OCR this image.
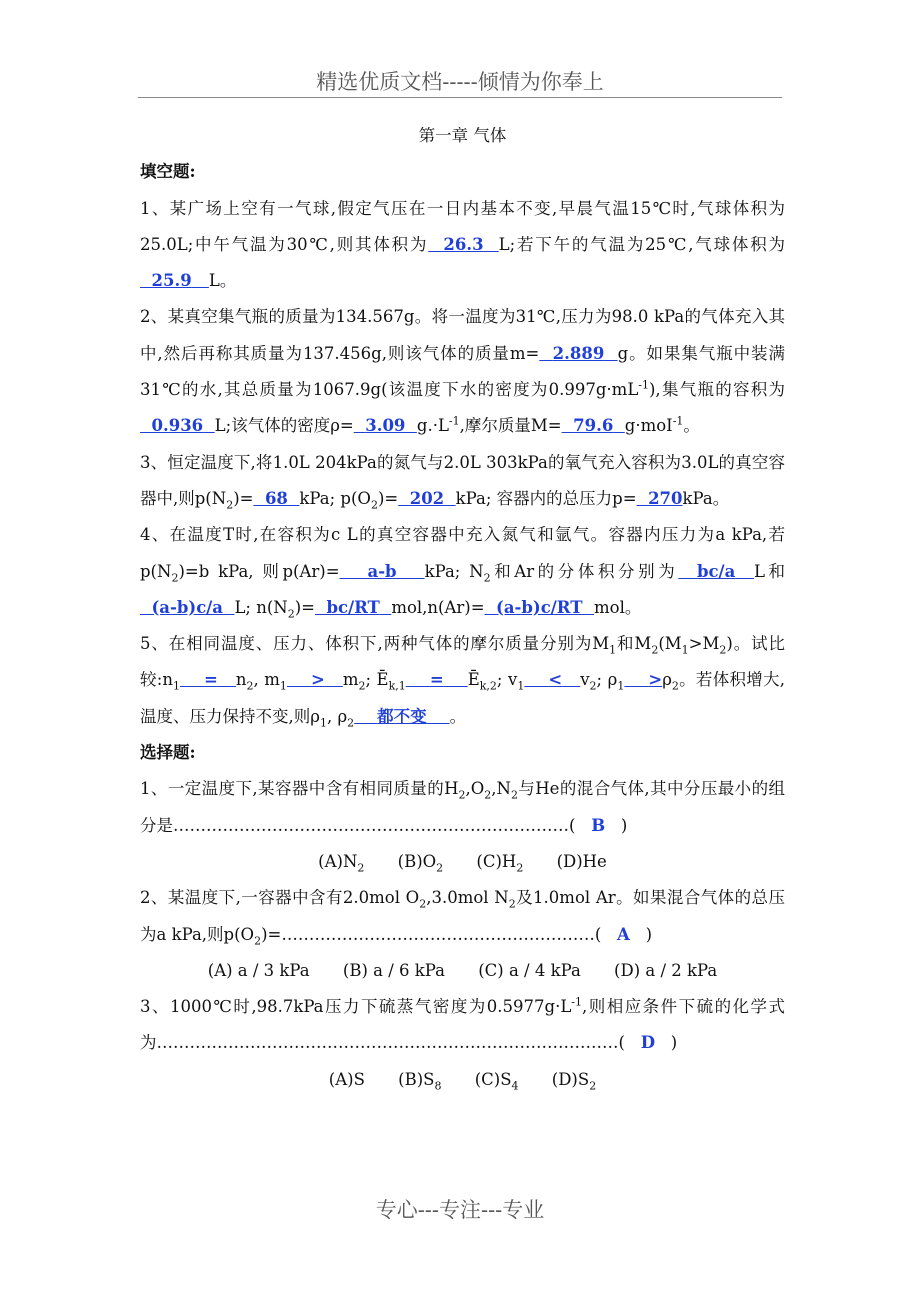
精选优质文档-----倾情为你奉上
第一章 气体
填空题:
1、某广场上空有一气球,假定气压在一日内基本不变,早晨气温15℃时,气球体积为25.0L;中午气温为30℃,则其体积为 26.3 L;若下午的气温为25℃,气球体积为  25.9 L。
2、某真空集气瓶的质量为134.567g。将一温度为31℃,压力为98.0 kPa的气体充入其中,然后再称其质量为137.456g,则该气体的质量m= 2.889 g。如果集气瓶中装满31℃的水,其总质量为1067.9g(该温度下水的密度为$0.997g\cdot mL^{-1}$),集气瓶的容积为  0.936 L;该气体的密度ρ= 3.09 $g.\cdot L^{-1}$,摩尔质量M= 79.6 g·moI$^{-1}$。
3、恒定温度下,将1.0L 204kPa的氮气与2.0L 303kPa的氧气充入容积为3.0L的真空容器中,则$p(N_2)= 68$ kPa; $p(O_2)= 202$ kPa; 容器内的总压力p= 270kPa。
4、在温度T时,在容积为c L的真空容器中充入氮气和氩气。容器内压力为a kPa,若$p(N_2)=b$ kPa, 则p(Ar)= a-b kPa; $N_2$和Ar的分体积分别为 bc/a L和  (a-b)c/a L; $n(N_2)= bc/RT$ mol,n(Ar)= (a-b)c/RT mol。
5、在相同温度、压力、体积下,两种气体的摩尔质量分别为$M_1$和$M_2(M_1>M_2)$。试比较$:n_1 = n_2$, $m_1 > m_2$; $Ē_{k,1}$ = $Ē_{k,2}$; $v_1 < v_2$; $\rho_1 >\rho_2$。若体积增大,温度、压力保持不变,则$\rho_1$, $\rho_2$ 都不变 。
选择题:
1、一定温度下,某容器中含有相同质量的$H_2,O_2,N_2$与He的混合气体,其中分压最小的组分是………………………………………………………………( B )
$(A)N_2$ $(B)O_2$ $(C)H_2$ (D)He
2、某温度下,一容器中含有2.0mol $O_2,3.0mol$ $N_2$及1.0mol Ar。如果混合气体的总压为a kPa,则$p(O_2)=\dots\dots\dots\dots\dots\dots\dots\dots\dots\dots\dots\dots\dots\dots\dots\dots\dots\dots\dots$( A )
(A) a / 3 kPa (B) a / 6 kPa (C) a / 4 kPa (D) a / 2 kPa
3、1000℃时,98.7kPa压力下硫蒸气密度为$0.5977g\cdot L^{-1}$,则相应条件下硫的化学式为…………………………………………………………………………( D )
(A)S $(B)S_8$ $(C)S_4$ $(D)S_2$
专心---专注---专业
